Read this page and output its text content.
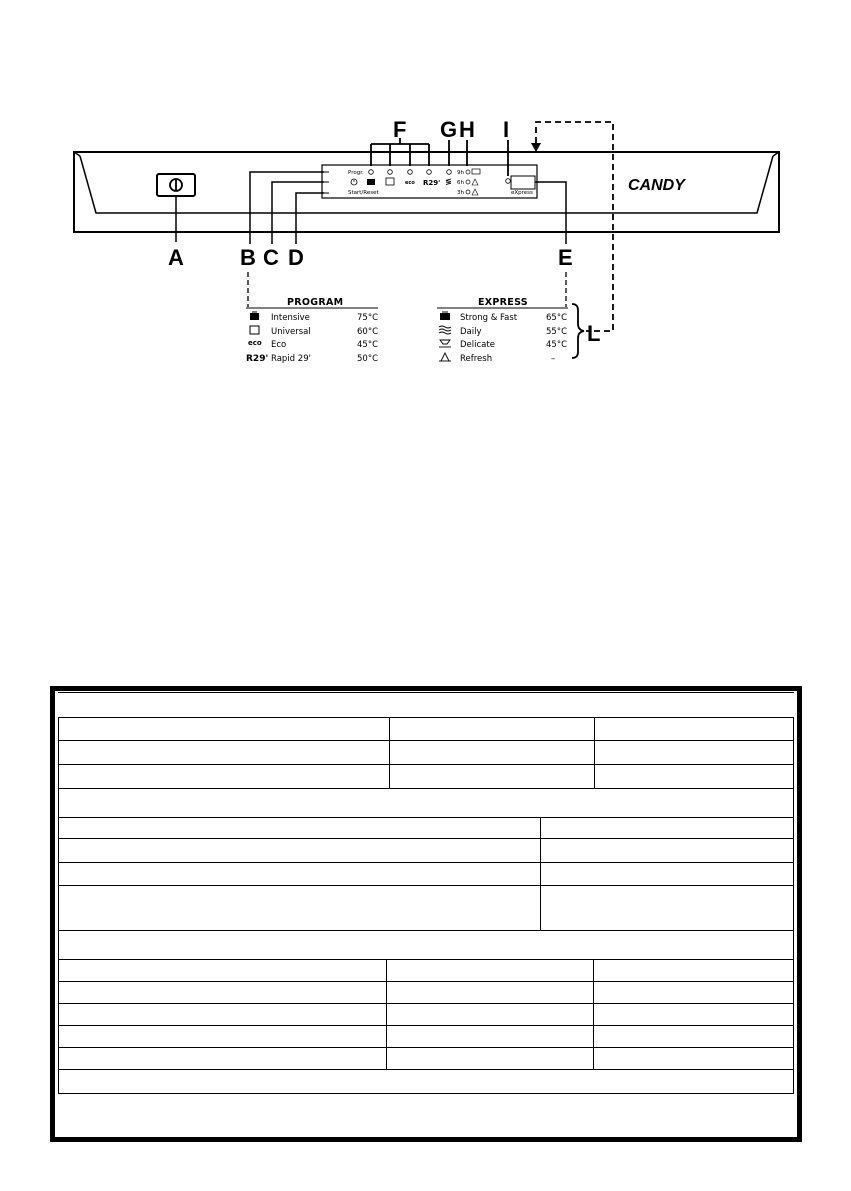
A
Progr.
Start/Reset	eXpress
eco R29' ≶
9h
6h
3h	CANDY
F G H I
B C D	E
PROGRAM
Intensive	75°C
Universal	60°C
eco Eco	45°C
R29' Rapid 29'	50°C
EXPRESS
Strong & Fast	65°C
Daily	55°C
Delicate	45°C
Refresh	–
L
